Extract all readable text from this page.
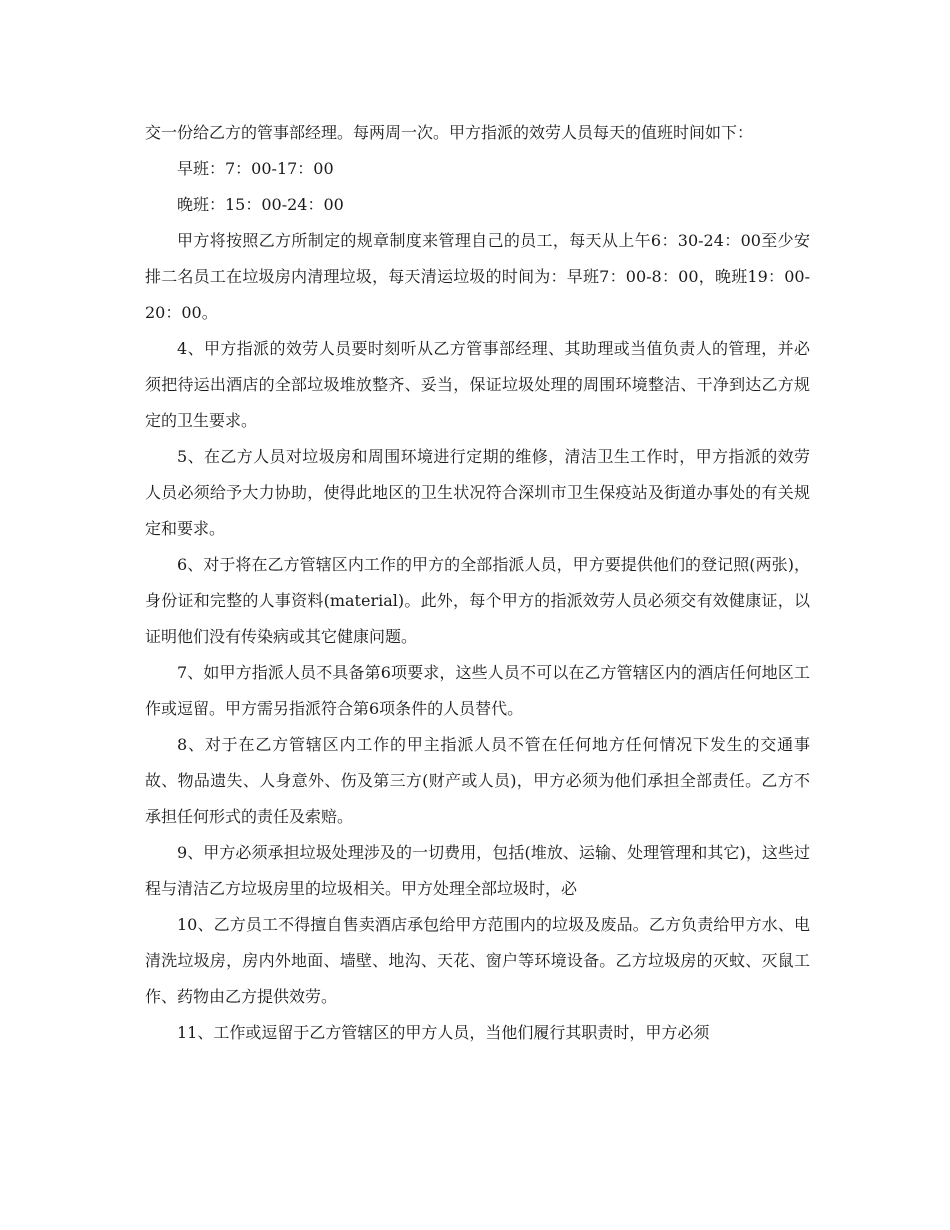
交一份给乙方的管事部经理。每两周一次。甲方指派的效劳人员每天的值班时间如下：

早班：7：00-17：00

晚班：15：00-24：00

甲方将按照乙方所制定的规章制度来管理自己的员工，每天从上午6：30-24：00至少安排二名员工在垃圾房内清理垃圾，每天清运垃圾的时间为：早班7：00-8：00，晚班19：00-20：00。

4、甲方指派的效劳人员要时刻听从乙方管事部经理、其助理或当值负责人的管理，并必须把待运出酒店的全部垃圾堆放整齐、妥当，保证垃圾处理的周围环境整洁、干净到达乙方规定的卫生要求。

5、在乙方人员对垃圾房和周围环境进行定期的维修，清洁卫生工作时，甲方指派的效劳人员必须给予大力协助，使得此地区的卫生状况符合深圳市卫生保疫站及街道办事处的有关规定和要求。

6、对于将在乙方管辖区内工作的甲方的全部指派人员，甲方要提供他们的登记照(两张)，身份证和完整的人事资料(material)。此外，每个甲方的指派效劳人员必须交有效健康证，以证明他们没有传染病或其它健康问题。

7、如甲方指派人员不具备第6项要求，这些人员不可以在乙方管辖区内的酒店任何地区工作或逗留。甲方需另指派符合第6项条件的人员替代。

8、对于在乙方管辖区内工作的甲主指派人员不管在任何地方任何情况下发生的交通事故、物品遗失、人身意外、伤及第三方(财产或人员)，甲方必须为他们承担全部责任。乙方不承担任何形式的责任及索赔。

9、甲方必须承担垃圾处理涉及的一切费用，包括(堆放、运输、处理管理和其它)，这些过程与清洁乙方垃圾房里的垃圾相关。甲方处理全部垃圾时，必

10、乙方员工不得擅自售卖酒店承包给甲方范围内的垃圾及废品。乙方负责给甲方水、电清洗垃圾房，房内外地面、墙壁、地沟、天花、窗户等环境设备。乙方垃圾房的灭蚊、灭鼠工作、药物由乙方提供效劳。

11、工作或逗留于乙方管辖区的甲方人员，当他们履行其职责时，甲方必须
